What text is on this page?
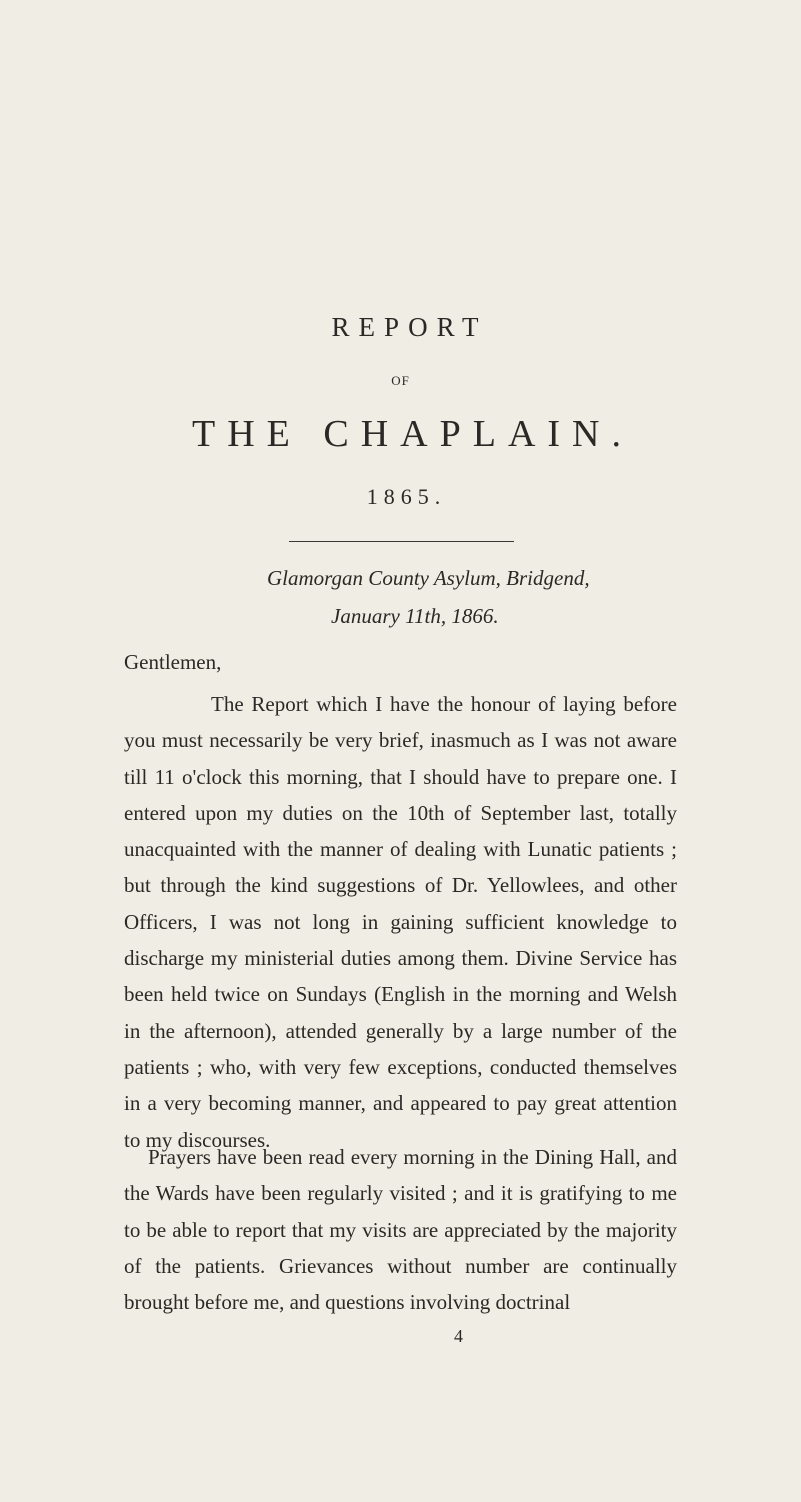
REPORT
OF
THE CHAPLAIN.
1865.
Glamorgan County Asylum, Bridgend,
January 11th, 1866.
Gentlemen,

The Report which I have the honour of laying before you must necessarily be very brief, inasmuch as I was not aware till 11 o'clock this morning, that I should have to prepare one. I entered upon my duties on the 10th of September last, totally unacquainted with the manner of dealing with Lunatic patients ; but through the kind suggestions of Dr. Yellowlees, and other Officers, I was not long in gaining sufficient knowledge to discharge my ministerial duties among them. Divine Service has been held twice on Sundays (English in the morning and Welsh in the afternoon), attended generally by a large number of the patients ; who, with very few exceptions, conducted themselves in a very becoming manner, and appeared to pay great attention to my discourses.

Prayers have been read every morning in the Dining Hall, and the Wards have been regularly visited ; and it is gratifying to me to be able to report that my visits are appreciated by the majority of the patients. Grievances without number are continually brought before me, and questions involving doctrinal

4
